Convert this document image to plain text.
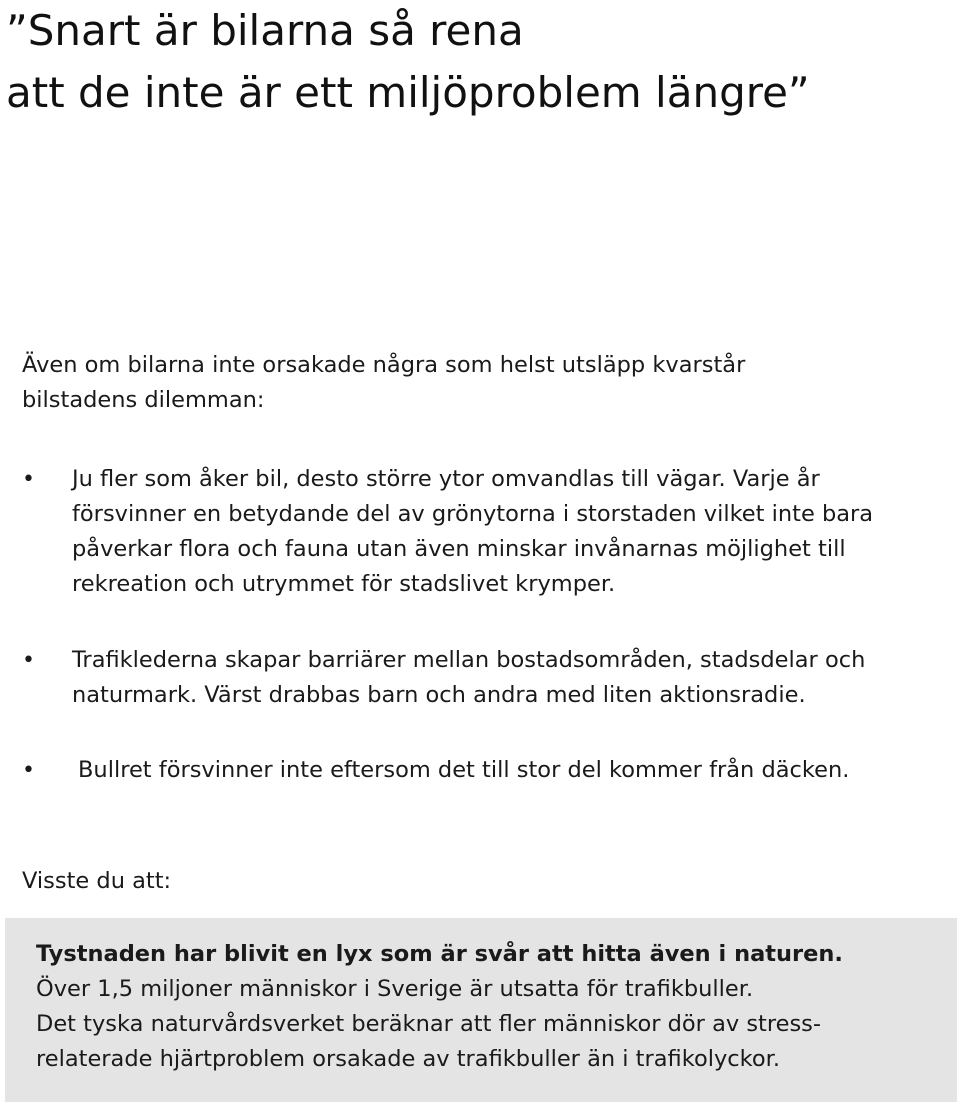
”Snart är bilarna så rena
att de inte är ett miljöproblem längre”
Även om bilarna inte orsakade några som helst utsläpp kvarstår
bilstadens dilemman:
• Ju fler som åker bil, desto större ytor omvandlas till vägar. Varje år
försvinner en betydande del av grönytorna i storstaden vilket inte bara
påverkar flora och fauna utan även minskar invånarnas möjlighet till
rekreation och utrymmet för stadslivet krymper.
• Trafiklederna skapar barriärer mellan bostadsområden, stadsdelar och
naturmark. Värst drabbas barn och andra med liten aktionsradie.
• Bullret försvinner inte eftersom det till stor del kommer från däcken.
Visste du att:
Tystnaden har blivit en lyx som är svår att hitta även i naturen.
Över 1,5 miljoner människor i Sverige är utsatta för trafikbuller.
Det tyska naturvårdsverket beräknar att fler människor dör av stress-
relaterade hjärtproblem orsakade av trafikbuller än i trafikolyckor.
